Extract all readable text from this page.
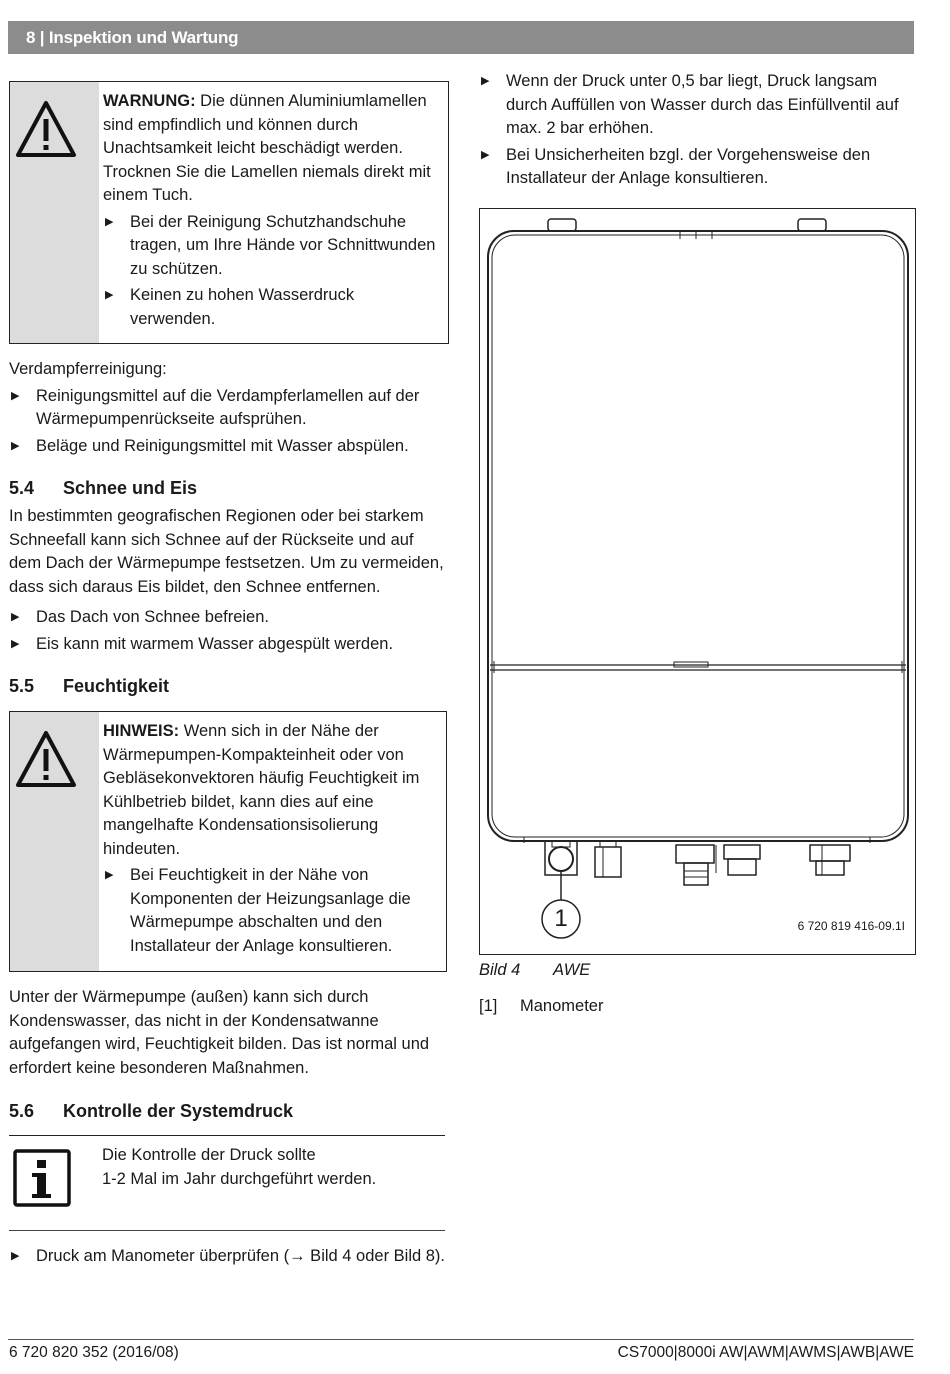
8 | Inspektion und Wartung

WARNUNG: Die dünnen Aluminiumlamellen sind empfindlich und können durch Unachtsamkeit leicht beschädigt werden. Trocknen Sie die Lamellen niemals direkt mit einem Tuch.

▶ Bei der Reinigung Schutzhandschuhe tragen, um Ihre Hände vor Schnittwunden zu schützen.
▶ Keinen zu hohen Wasserdruck verwenden.

Verdampferreinigung:

▶ Reinigungsmittel auf die Verdampferlamellen auf der Wärmepumpenrückseite aufsprühen.
▶ Beläge und Reinigungsmittel mit Wasser abspülen.
5.4 Schnee und Eis

In bestimmten geografischen Regionen oder bei starkem Schneefall kann sich Schnee auf der Rückseite und auf dem Dach der Wärmepumpe festsetzen. Um zu vermeiden, dass sich daraus Eis bildet, den Schnee entfernen.

▶ Das Dach von Schnee befreien.
▶ Eis kann mit warmem Wasser abgespült werden.
5.5 Feuchtigkeit

HINWEIS: Wenn sich in der Nähe der Wärmepumpen-Kompakteinheit oder von Gebläsekonvektoren häufig Feuchtigkeit im Kühlbetrieb bildet, kann dies auf eine mangelhafte Kondensationsisolierung hindeuten.

▶ Bei Feuchtigkeit in der Nähe von Komponenten der Heizungsanlage die Wärmepumpe abschalten und den Installateur der Anlage konsultieren.

Unter der Wärmepumpe (außen) kann sich durch Kondenswasser, das nicht in der Kondensatwanne aufgefangen wird, Feuchtigkeit bilden. Das ist normal und erfordert keine besonderen Maßnahmen.

5.6 Kontrolle der Systemdruck

Die Kontrolle der Druck sollte

1-2 Mal im Jahr durchgeführt werden.

▶ Druck am Manometer überprüfen (→ Bild 4 oder Bild 8).
▶ Wenn der Druck unter 0,5 bar liegt, Druck langsam durch Auffüllen von Wasser durch das Einfüllventil auf max. 2 bar erhöhen.
▶ Bei Unsicherheiten bzgl. der Vorgehensweise den Installateur der Anlage konsultieren.
1	6 720 819 416-09.1I
Bild 4 AWE
[1] Manometer
6 720 820 352 (2016/08)	CS7000|8000i AW|AWM|AWMS|AWB|AWE
